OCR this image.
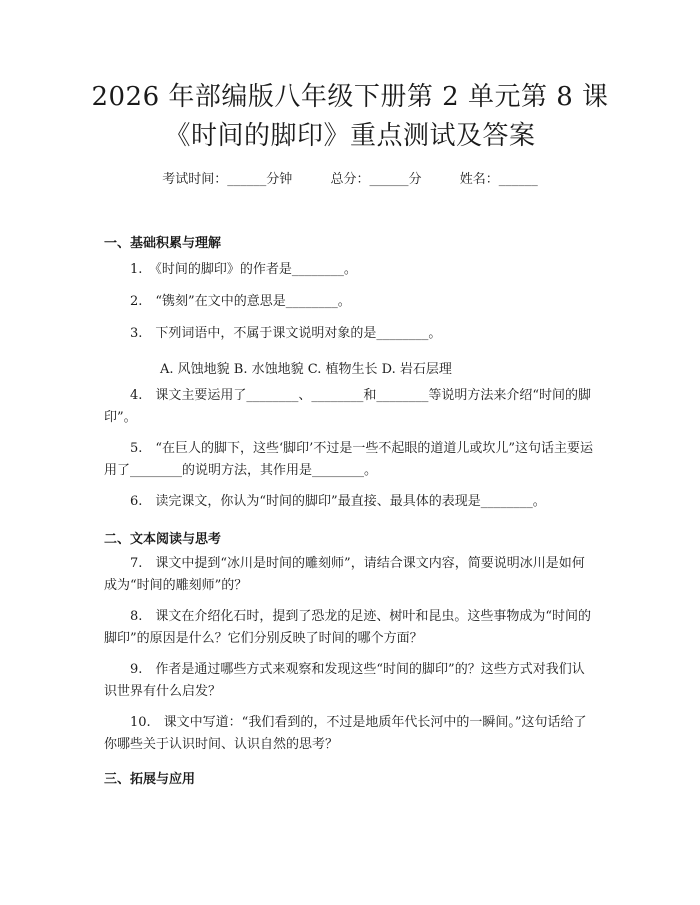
2026 年部编版八年级下册第 2 单元第 8 课
《时间的脚印》重点测试及答案
考试时间：______分钟	总分：______分	姓名：______
一、基础积累与理解
1.　《时间的脚印》的作者是________。
2.　“镌刻”在文中的意思是________。
3.　下列词语中，不属于课文说明对象的是________。
A. 风蚀地貌 B. 水蚀地貌 C. 植物生长 D. 岩石层理
4.　课文主要运用了________、________和________等说明方法来介绍“时间的脚印”。
5.　“在巨人的脚下，这些‘脚印’不过是一些不起眼的道道儿或坎儿”这句话主要运用了________的说明方法，其作用是________。
6.　读完课文，你认为“时间的脚印”最直接、最具体的表现是________。
二、文本阅读与思考
7.　课文中提到“冰川是时间的雕刻师”，请结合课文内容，简要说明冰川是如何成为“时间的雕刻师”的？
8.　课文在介绍化石时，提到了恐龙的足迹、树叶和昆虫。这些事物成为“时间的脚印”的原因是什么？它们分别反映了时间的哪个方面？
9.　作者是通过哪些方式来观察和发现这些“时间的脚印”的？这些方式对我们认识世界有什么启发？
10.　课文中写道：“我们看到的，不过是地质年代长河中的一瞬间。”这句话给了你哪些关于认识时间、认识自然的思考？
三、拓展与应用
